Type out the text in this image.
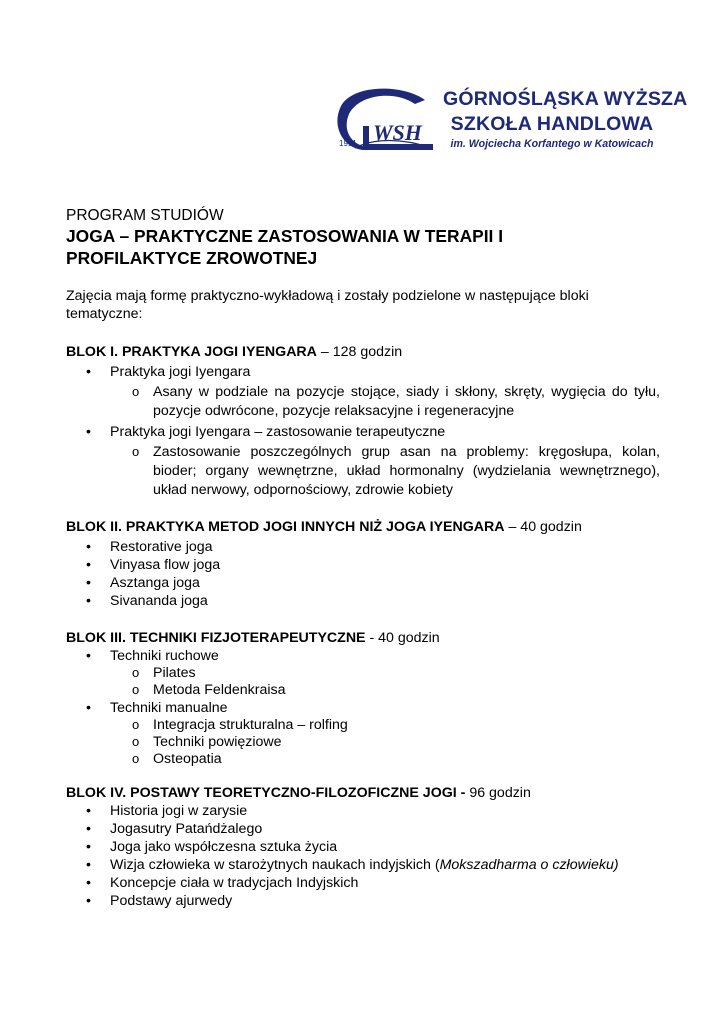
1991 WSH
GÓRNOŚLĄSKA WYŻSZA
SZKOŁA HANDLOWA
im. Wojciecha Korfantego w Katowicach
PROGRAM STUDIÓW
JOGA – PRAKTYCZNE ZASTOSOWANIA W TERAPII I
PROFILAKTYCE ZROWOTNEJ
Zajęcia mają formę praktyczno-wykładową i zostały podzielone w następujące bloki
tematyczne:
BLOK I. PRAKTYKA JOGI IYENGARA – 128 godzin
• Praktyka jogi Iyengara
o Asany w podziale na pozycje stojące, siady i skłony, skręty, wygięcia do tyłu, pozycje odwrócone, pozycje relaksacyjne i regeneracyjne
• Praktyka jogi Iyengara – zastosowanie terapeutyczne
o Zastosowanie poszczególnych grup asan na problemy: kręgosłupa, kolan, bioder; organy wewnętrzne, układ hormonalny (wydzielania wewnętrznego), układ nerwowy, odpornościowy, zdrowie kobiety
BLOK II. PRAKTYKA METOD JOGI INNYCH NIŻ JOGA IYENGARA – 40 godzin
• Restorative joga
• Vinyasa flow joga
• Asztanga joga
• Sivananda joga
BLOK III. TECHNIKI FIZJOTERAPEUTYCZNE - 40 godzin
• Techniki ruchowe
o Pilates
o Metoda Feldenkraisa
• Techniki manualne
o Integracja strukturalna – rolfing
o Techniki powięziowe
o Osteopatia
BLOK IV. POSTAWY TEORETYCZNO-FILOZOFICZNE JOGI - 96 godzin
• Historia jogi w zarysie
• Jogasutry Patańdżalego
• Joga jako współczesna sztuka życia
• Wizja człowieka w starożytnych naukach indyjskich (Mokszadharma o człowieku)
• Koncepcje ciała w tradycjach Indyjskich
• Podstawy ajurwedy
